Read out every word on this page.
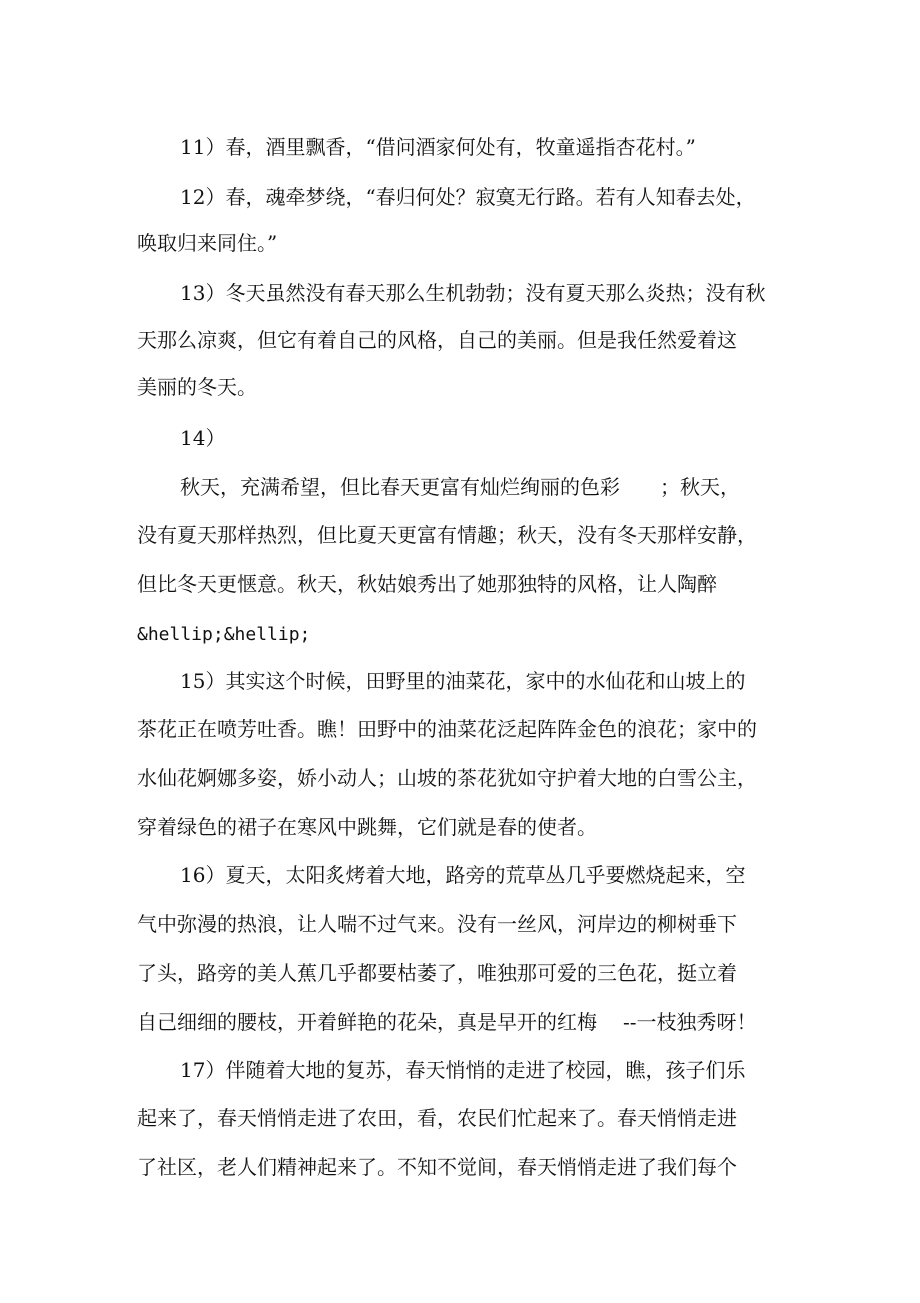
11）春，酒里飘香，“借问酒家何处有，牧童遥指杏花村。”
12）春，魂牵梦绕，“春归何处？寂寞无行路。若有人知春去处，
唤取归来同住。”
13）冬天虽然没有春天那么生机勃勃；没有夏天那么炎热；没有秋
天那么凉爽，但它有着自己的风格，自己的美丽。但是我任然爱着这
美丽的冬天。
14）
秋天，充满希望，但比春天更富有灿烂绚丽的色彩 ；秋天，
没有夏天那样热烈，但比夏天更富有情趣；秋天，没有冬天那样安静，
但比冬天更惬意。秋天，秋姑娘秀出了她那独特的风格，让人陶醉
&hellip;&hellip;
15）其实这个时候，田野里的油菜花，家中的水仙花和山坡上的
茶花正在喷芳吐香。瞧！田野中的油菜花泛起阵阵金色的浪花；家中的
水仙花婀娜多姿，娇小动人；山坡的茶花犹如守护着大地的白雪公主，
穿着绿色的裙子在寒风中跳舞，它们就是春的使者。
16）夏天，太阳炙烤着大地，路旁的荒草丛几乎要燃烧起来，空
气中弥漫的热浪，让人喘不过气来。没有一丝风，河岸边的柳树垂下
了头，路旁的美人蕉几乎都要枯萎了，唯独那可爱的三色花，挺立着
自己细细的腰枝，开着鲜艳的花朵，真是早开的红梅 --一枝独秀呀！
17）伴随着大地的复苏，春天悄悄的走进了校园，瞧，孩子们乐
起来了，春天悄悄走进了农田，看，农民们忙起来了。春天悄悄走进
了社区，老人们精神起来了。不知不觉间，春天悄悄走进了我们每个
